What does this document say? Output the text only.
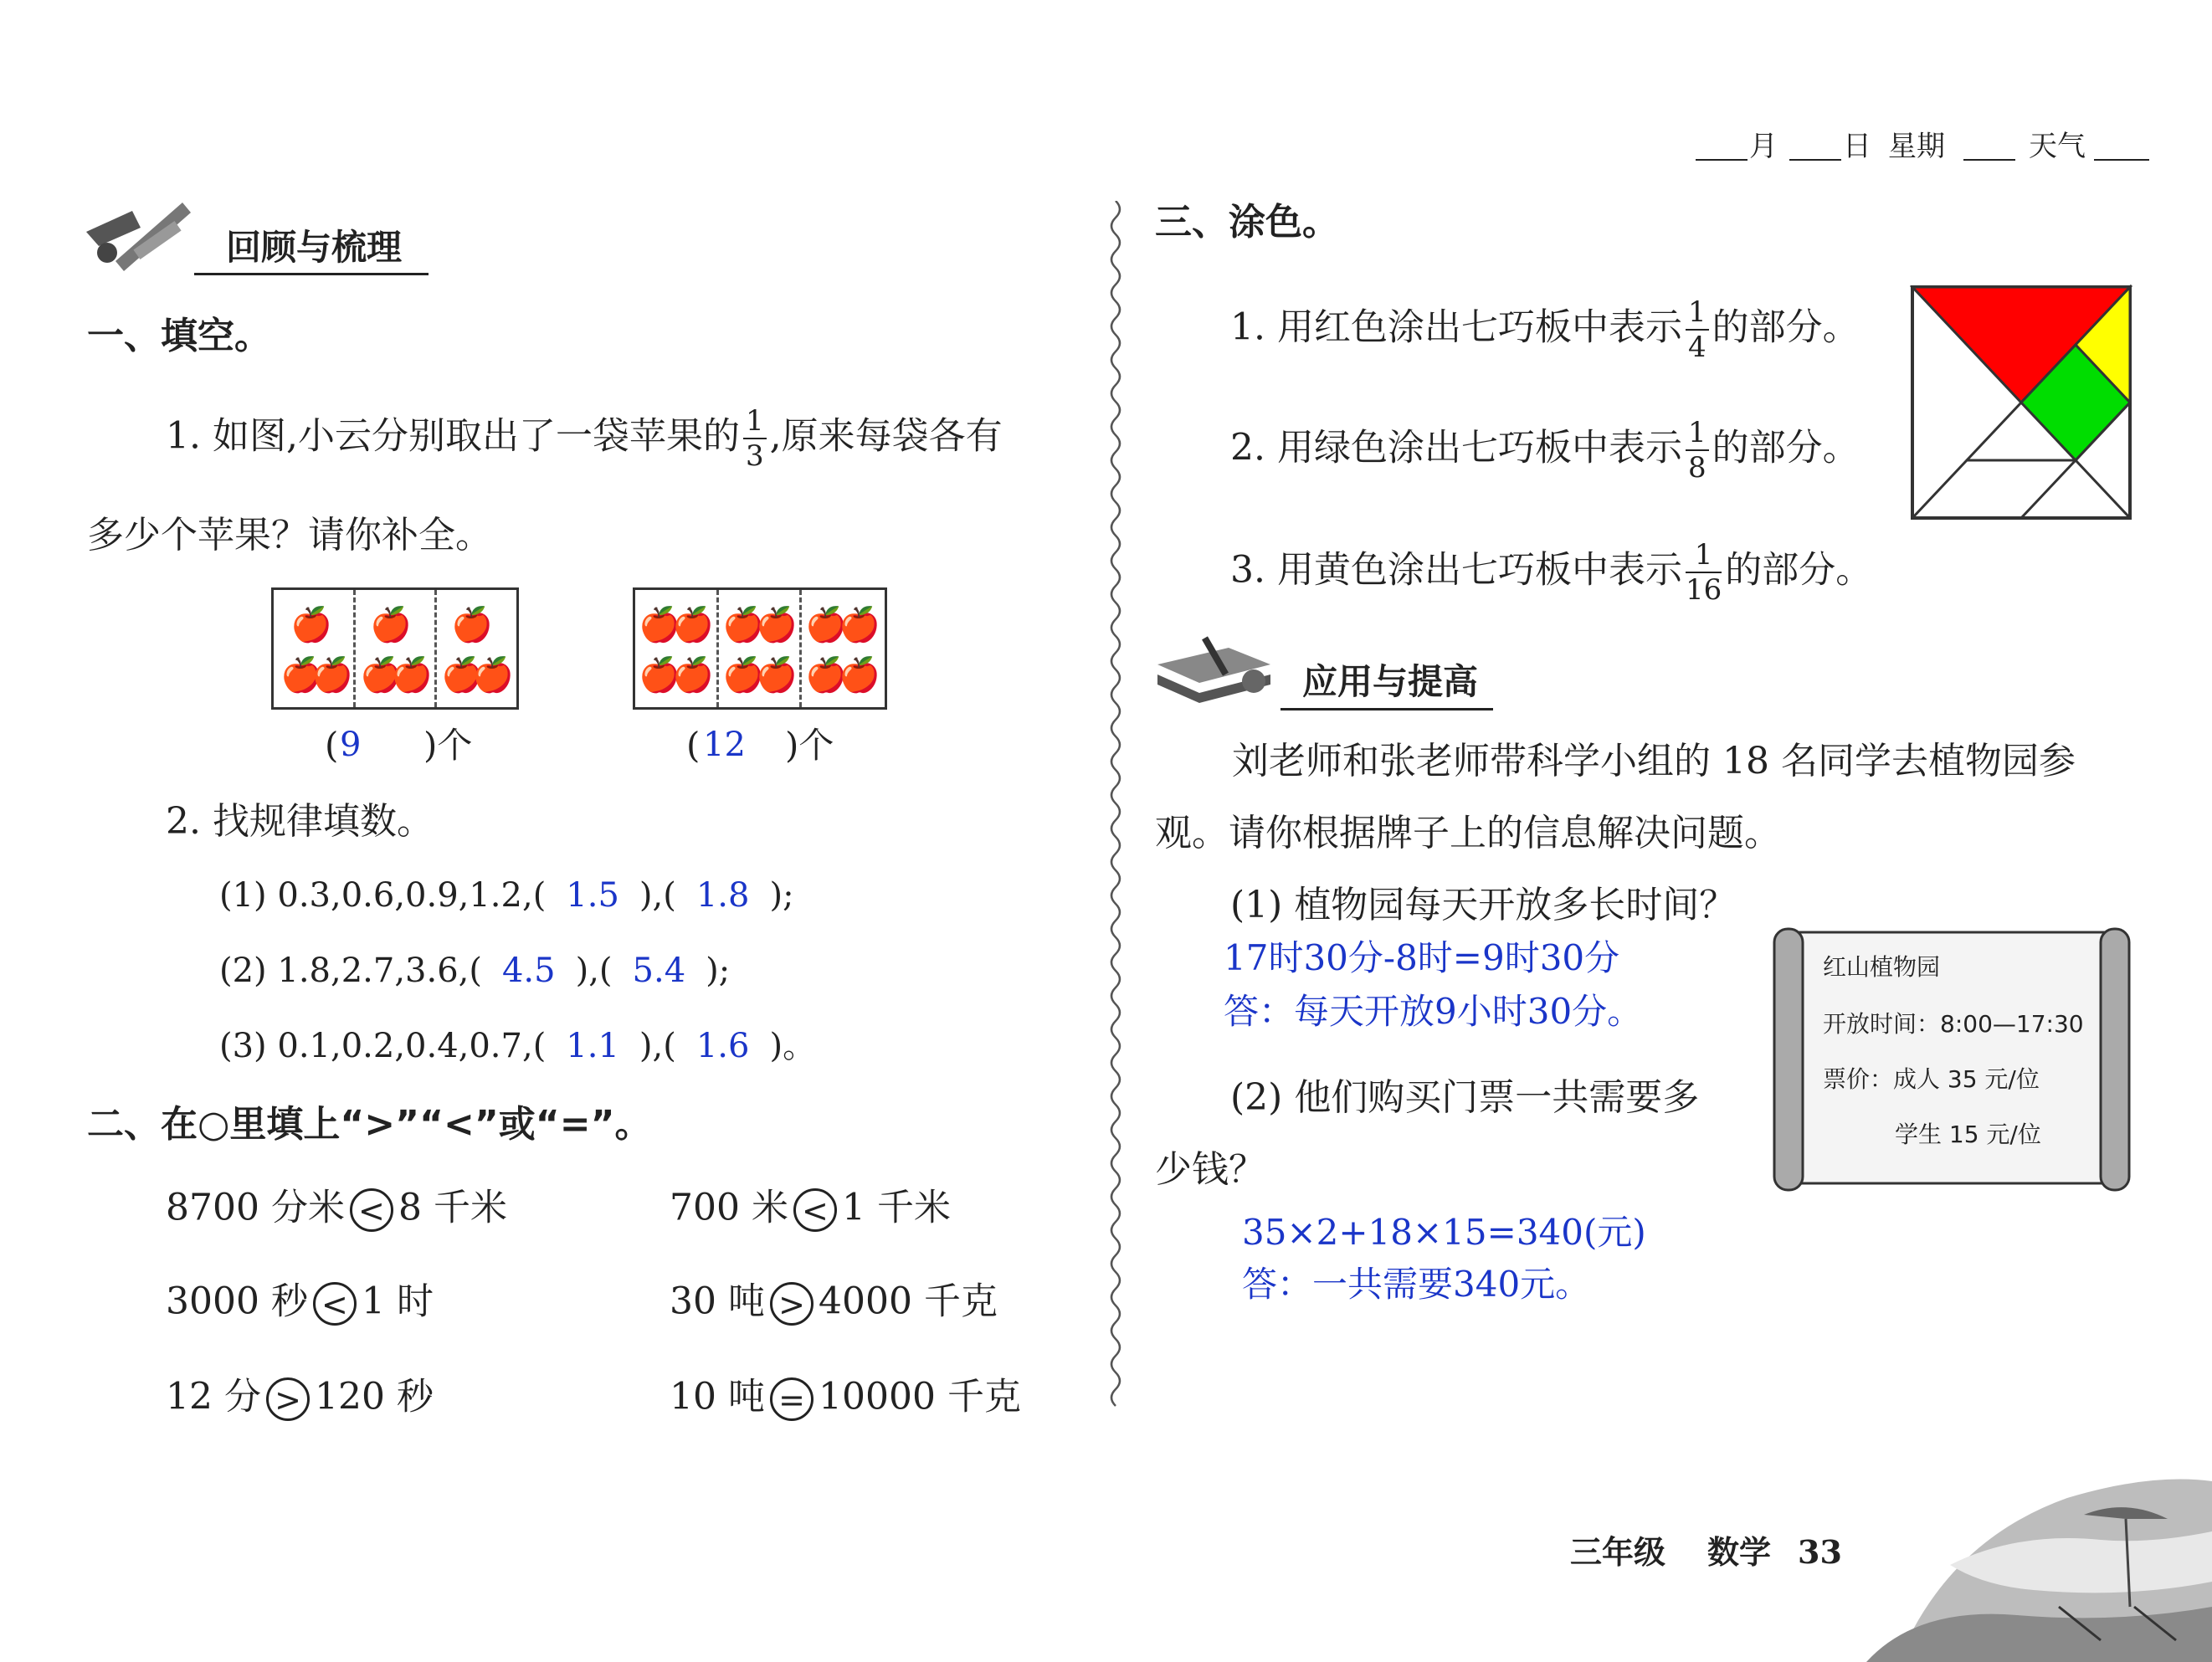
月 日 星期	天气
回顾与梳理
一、填空。
1. 如图,小云分别取出了一袋苹果的 $\frac{1}{3}$ ,原来每袋各有
多少个苹果？请你补全。
🍎 🍎 🍎
🍎
🍎 🍎
🍎 🍎
🍎
🍎
🍎 🍎
🍎 🍎
🍎
🍎
🍎 🍎
🍎 🍎
🍎
( 9 )个	( 12 )个
2. 找规律填数。
(1) 0.3,0.6,0.9,1.2,( 1.5 ),( 1.8 );
(2) 1.8,2.7,3.6,( 4.5 ),( 5.4 );
(3) 0.1,0.2,0.4,0.7,( 1.1 ),( 1.6 )。
二、在○里填上“>”“<”或“=”。
8700 分米 < 8 千米	700 米 < 1 千米
3000 秒 < 1 时	30 吨 > 4000 千克
12 分 > 120 秒	10 吨 = 10000 千克
三、涂色。
1. 用红色涂出七巧板中表示 $\frac{1}{4}$ 的部分。
2. 用绿色涂出七巧板中表示 $\frac{1}{8}$ 的部分。
3. 用黄色涂出七巧板中表示 $\frac{1}{16}$ 的部分。
应用与提高
刘老师和张老师带科学小组的 18 名同学去植物园参
观。请你根据牌子上的信息解决问题。
(1) 植物园每天开放多长时间？
17时30分-8时=9时30分
答：每天开放9小时30分。
(2) 他们购买门票一共需要多
少钱？
35×2+18×15=340(元)
答：一共需要340元。
红山植物园
开放时间：8:00—17:30
票价：成人 35 元/位
学生 15 元/位
三年级 数学 33
